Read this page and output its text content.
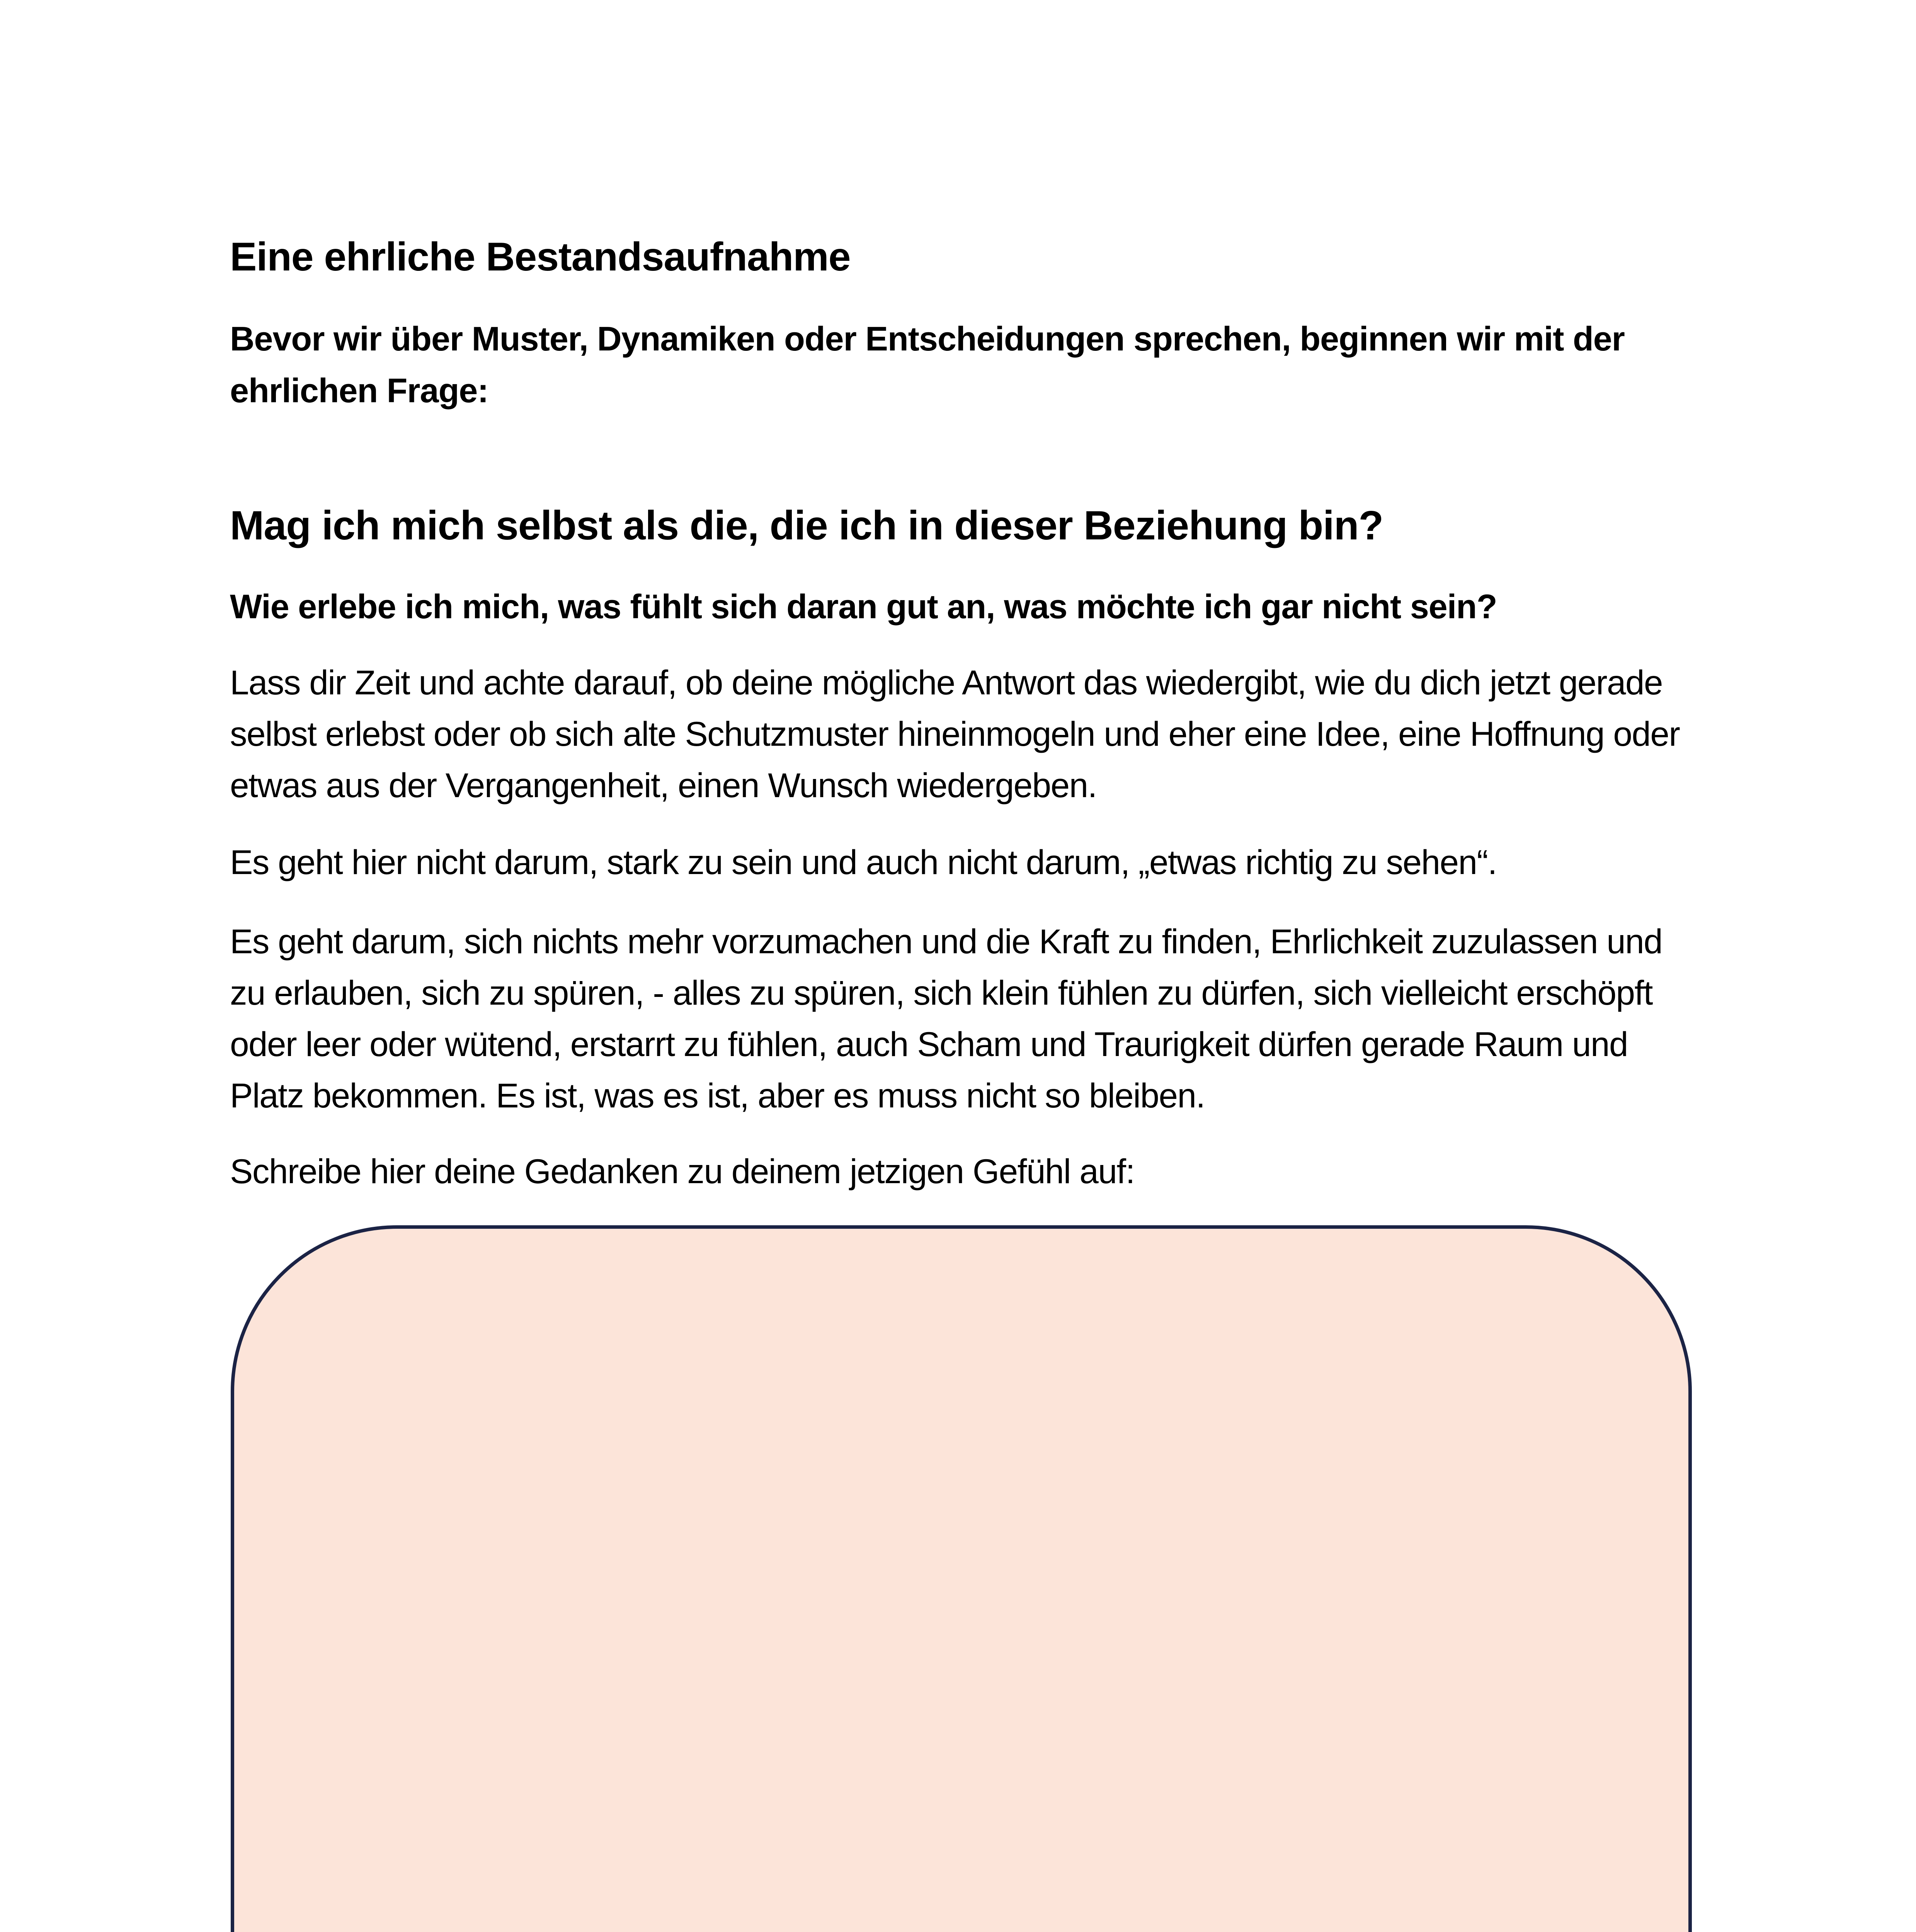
Eine ehrliche Bestandsaufnahme

Bevor wir über Muster, Dynamiken oder Entscheidungen sprechen, beginnen wir mit der ehrlichen Frage:

Mag ich mich selbst als die, die ich in dieser Beziehung bin?

Wie erlebe ich mich, was fühlt sich daran gut an, was möchte ich gar nicht sein?

Lass dir Zeit und achte darauf, ob deine mögliche Antwort das wiedergibt, wie du dich jetzt gerade selbst erlebst oder ob sich alte Schutzmuster hineinmogeln und eher eine Idee, eine Hoffnung oder etwas aus der Vergangenheit, einen Wunsch wiedergeben.

Es geht hier nicht darum, stark zu sein und auch nicht darum, „etwas richtig zu sehen“.

Es geht darum, sich nichts mehr vorzumachen und die Kraft zu finden, Ehrlichkeit zuzulassen und zu erlauben, sich zu spüren, - alles zu spüren, sich klein fühlen zu dürfen, sich vielleicht erschöpft oder leer oder wütend, erstarrt zu fühlen, auch Scham und Traurigkeit dürfen gerade Raum und Platz bekommen. Es ist, was es ist, aber es muss nicht so bleiben.

Schreibe hier deine Gedanken zu deinem jetzigen Gefühl auf:
